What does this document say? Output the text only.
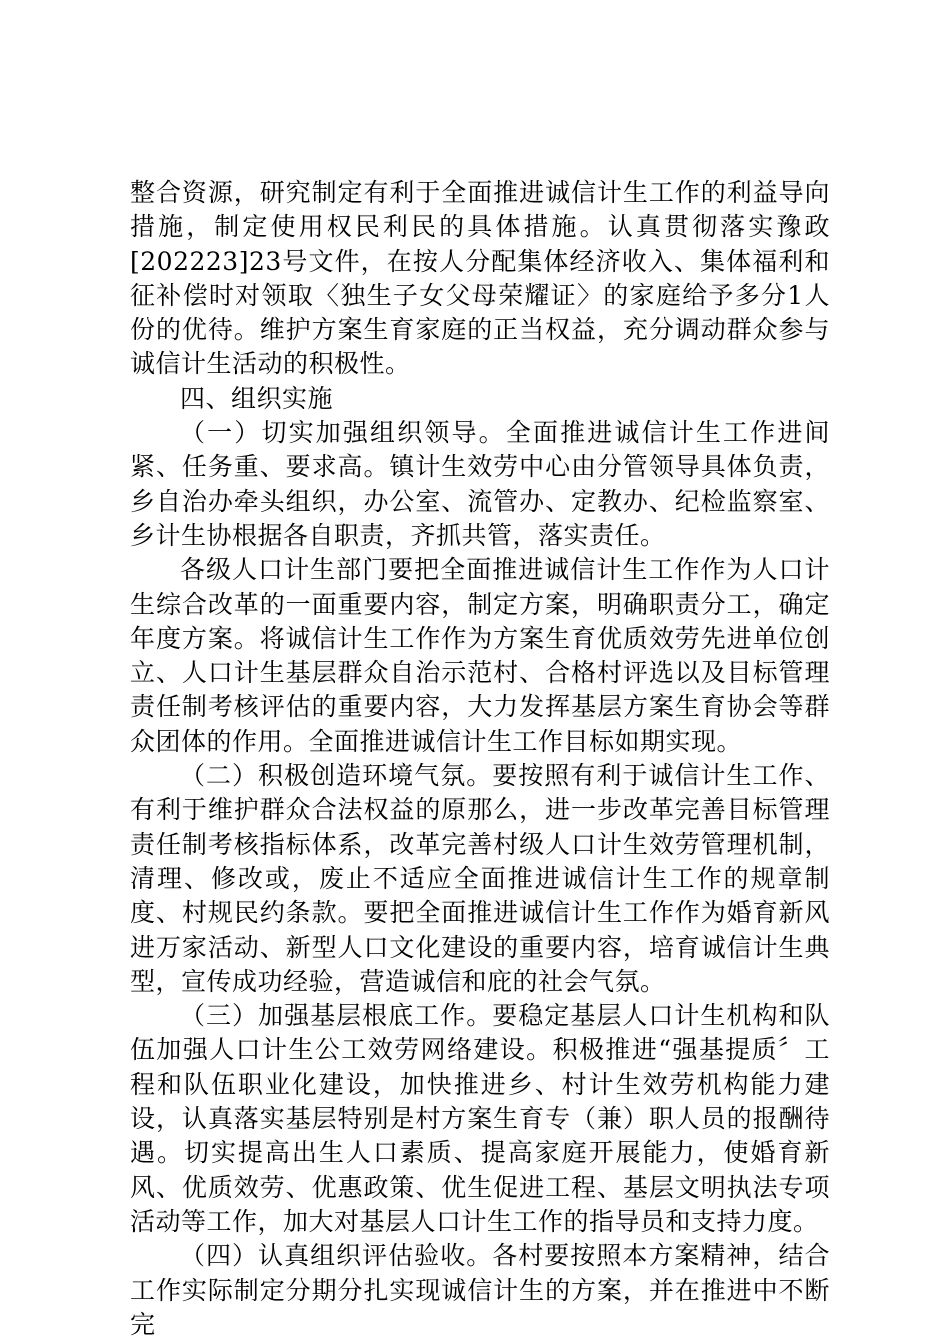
整合资源，研究制定有利于全面推进诚信计生工作的利益导向措施，制定使用权民利民的具体措施。认真贯彻落实豫政[202223]23号文件，在按人分配集体经济收入、集体福利和征补偿时对领取〈独生子女父母荣耀证〉的家庭给予多分1人份的优待。维护方案生育家庭的正当权益，充分调动群众参与诚信计生活动的积极性。

四、组织实施

（一）切实加强组织领导。全面推进诚信计生工作进间紧、任务重、要求高。镇计生效劳中心由分管领导具体负责，乡自治办牵头组织，办公室、流管办、定教办、纪检监察室、乡计生协根据各自职责，齐抓共管，落实责任。

各级人口计生部门要把全面推进诚信计生工作作为人口计生综合改革的一面重要内容，制定方案，明确职责分工，确定年度方案。将诚信计生工作作为方案生育优质效劳先进单位创立、人口计生基层群众自治示范村、合格村评选以及目标管理责任制考核评估的重要内容，大力发挥基层方案生育协会等群众团体的作用。全面推进诚信计生工作目标如期实现。

（二）积极创造环境气氛。要按照有利于诚信计生工作、有利于维护群众合法权益的原那么，进一步改革完善目标管理责任制考核指标体系，改革完善村级人口计生效劳管理机制，清理、修改或，废止不适应全面推进诚信计生工作的规章制度、村规民约条款。要把全面推进诚信计生工作作为婚育新风进万家活动、新型人口文化建设的重要内容，培育诚信计生典型，宣传成功经验，营造诚信和庇的社会气氛。

（三）加强基层根底工作。要稳定基层人口计生机构和队伍加强人口计生公工效劳网络建设。积极推进“强基提质〞工程和队伍职业化建设，加快推进乡、村计生效劳机构能力建设，认真落实基层特别是村方案生育专（兼）职人员的报酬待遇。切实提高出生人口素质、提高家庭开展能力，使婚育新风、优质效劳、优惠政策、优生促进工程、基层文明执法专项活动等工作，加大对基层人口计生工作的指导员和支持力度。

（四）认真组织评估验收。各村要按照本方案精神，结合工作实际制定分期分扎实现诚信计生的方案，并在推进中不断完
